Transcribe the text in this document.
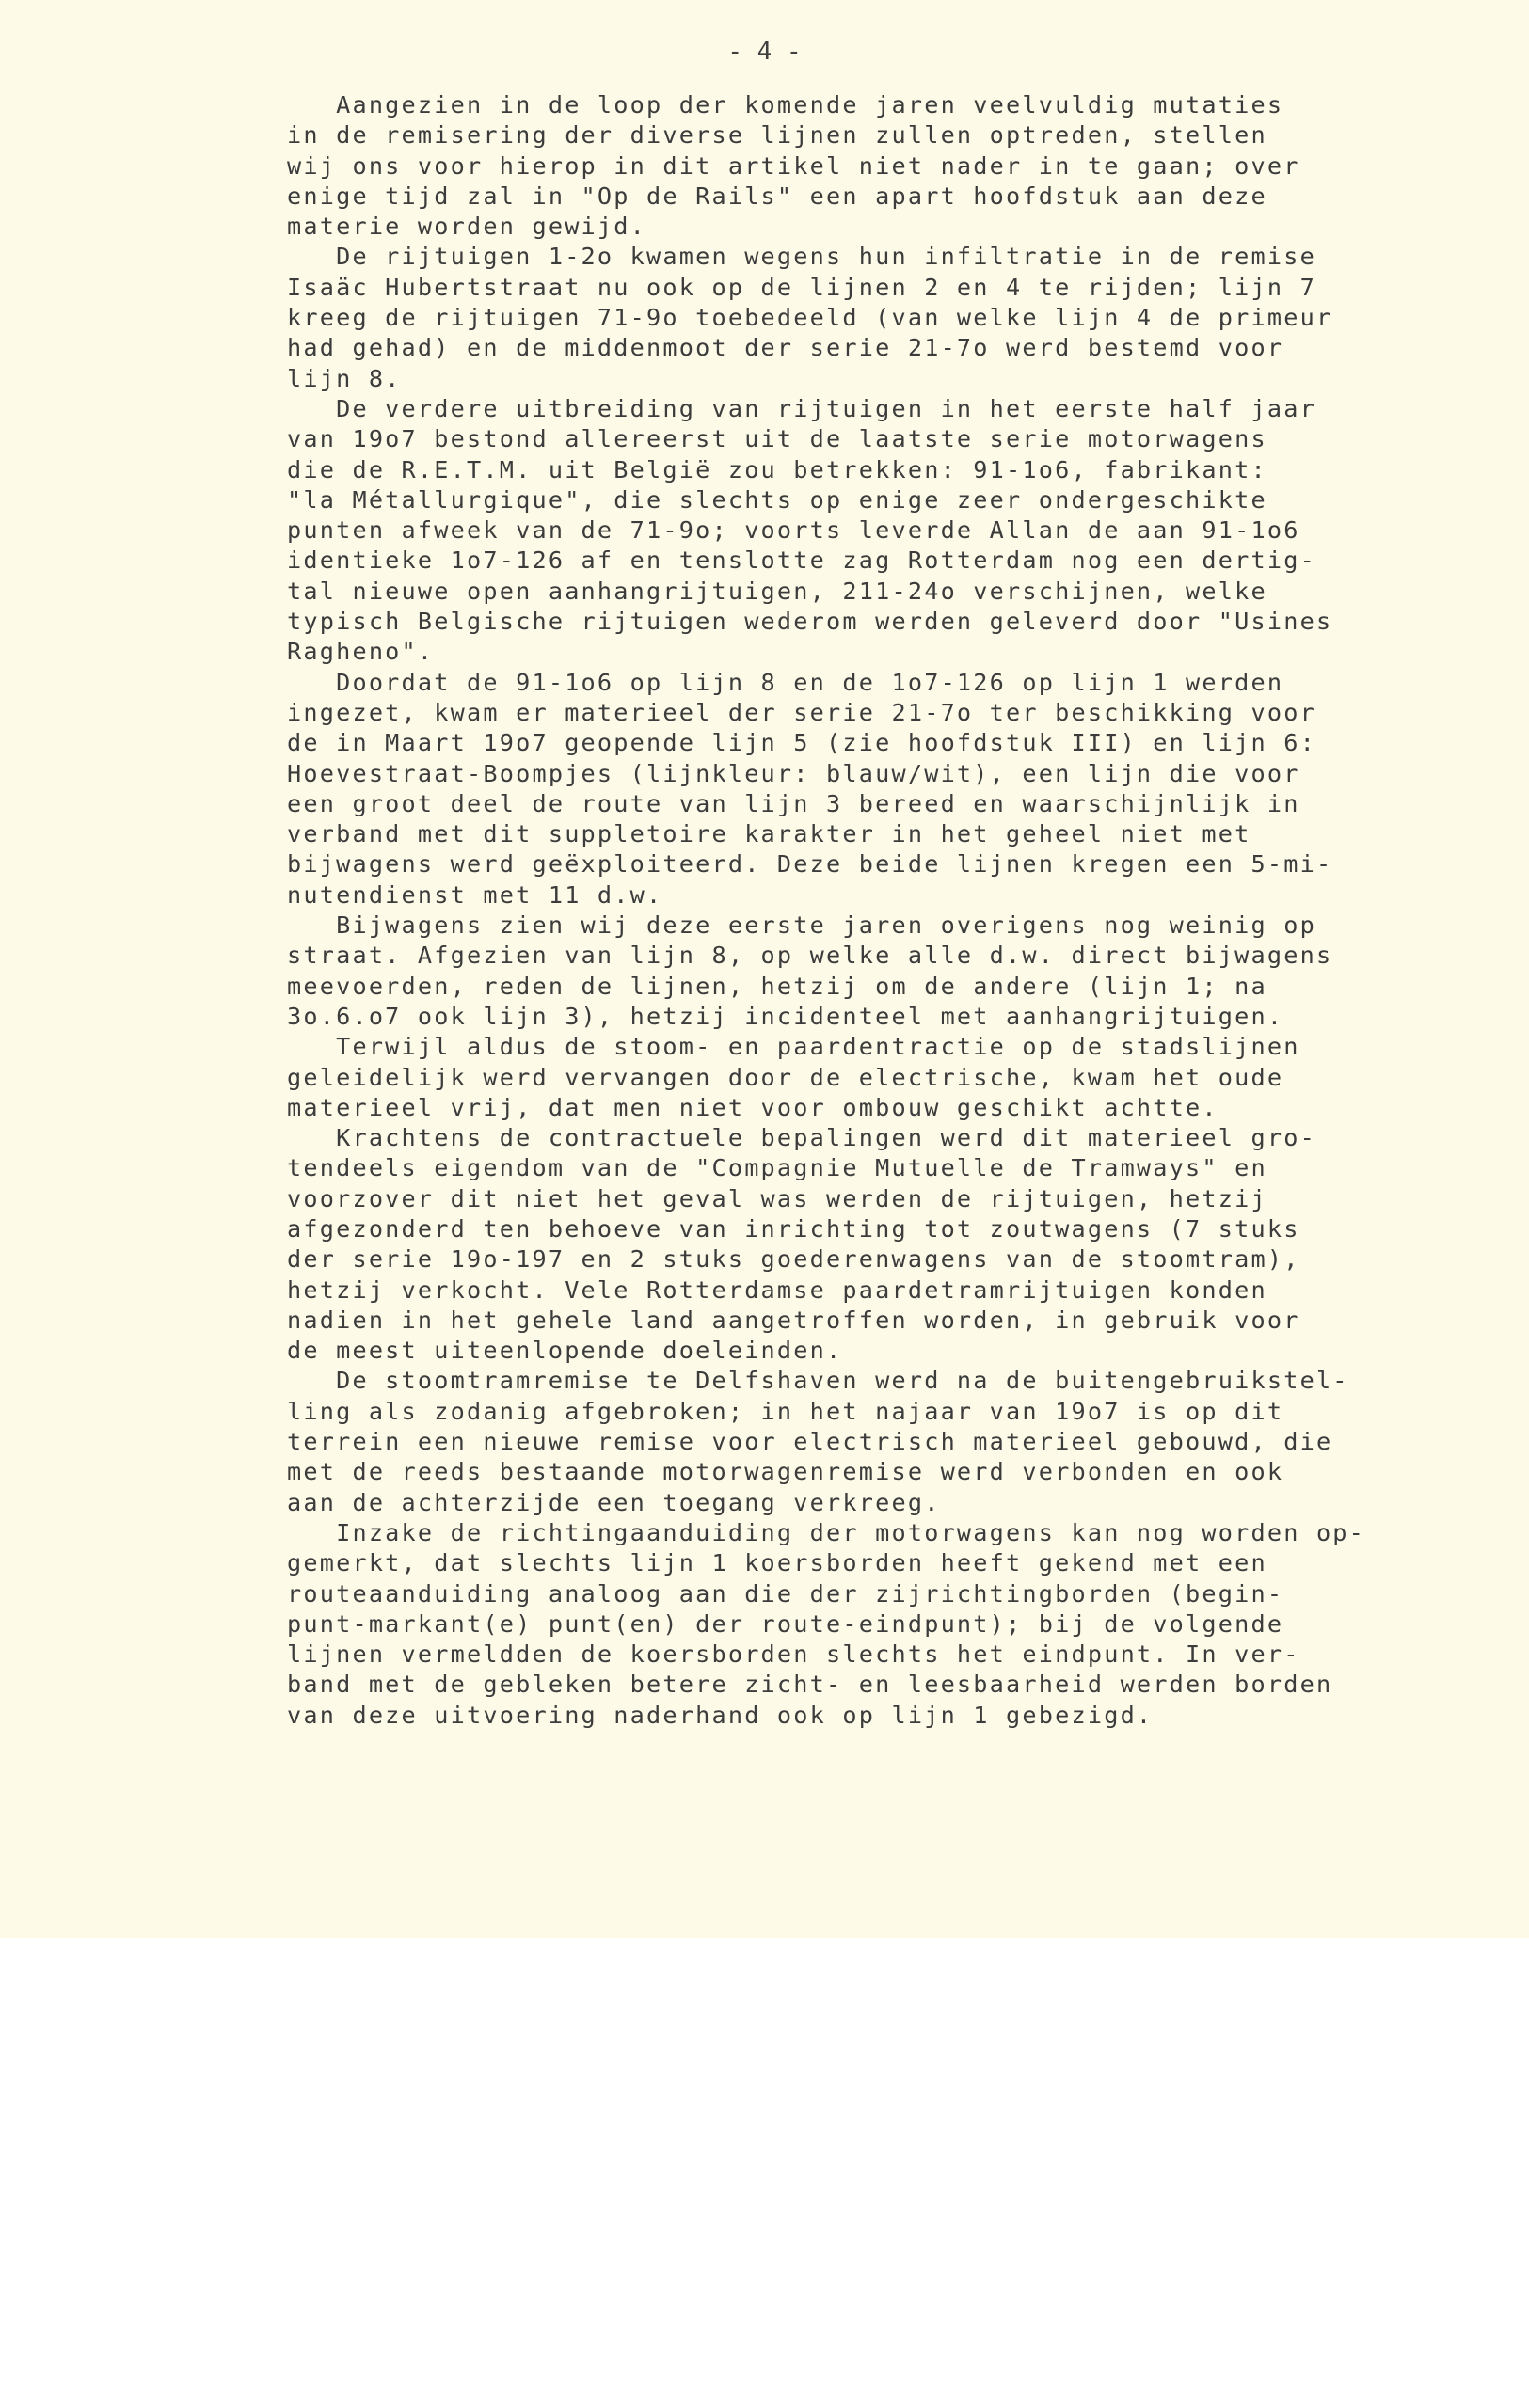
- 4 -
Aangezien in de loop der komende jaren veelvuldig mutaties
in de remisering der diverse lijnen zullen optreden, stellen
wij ons voor hierop in dit artikel niet nader in te gaan; over
enige tijd zal in "Op de Rails" een apart hoofdstuk aan deze
materie worden gewijd.
De rijtuigen 1-2o kwamen wegens hun infiltratie in de remise
Isaäc Hubertstraat nu ook op de lijnen 2 en 4 te rijden; lijn 7
kreeg de rijtuigen 71-9o toebedeeld (van welke lijn 4 de primeur
had gehad) en de middenmoot der serie 21-7o werd bestemd voor
lijn 8.
De verdere uitbreiding van rijtuigen in het eerste half jaar
van 19o7 bestond allereerst uit de laatste serie motorwagens
die de R.E.T.M. uit België zou betrekken: 91-1o6, fabrikant:
"la Métallurgique", die slechts op enige zeer ondergeschikte
punten afweek van de 71-9o; voorts leverde Allan de aan 91-1o6
identieke 1o7-126 af en tenslotte zag Rotterdam nog een dertig-
tal nieuwe open aanhangrijtuigen, 211-24o verschijnen, welke
typisch Belgische rijtuigen wederom werden geleverd door "Usines
Ragheno".
Doordat de 91-1o6 op lijn 8 en de 1o7-126 op lijn 1 werden
ingezet, kwam er materieel der serie 21-7o ter beschikking voor
de in Maart 19o7 geopende lijn 5 (zie hoofdstuk III) en lijn 6:
Hoevestraat-Boompjes (lijnkleur: blauw/wit), een lijn die voor
een groot deel de route van lijn 3 bereed en waarschijnlijk in
verband met dit suppletoire karakter in het geheel niet met
bijwagens werd geëxploiteerd. Deze beide lijnen kregen een 5-mi-
nutendienst met 11 d.w.
Bijwagens zien wij deze eerste jaren overigens nog weinig op
straat. Afgezien van lijn 8, op welke alle d.w. direct bijwagens
meevoerden, reden de lijnen, hetzij om de andere (lijn 1; na
3o.6.o7 ook lijn 3), hetzij incidenteel met aanhangrijtuigen.
Terwijl aldus de stoom- en paardentractie op de stadslijnen
geleidelijk werd vervangen door de electrische, kwam het oude
materieel vrij, dat men niet voor ombouw geschikt achtte.
Krachtens de contractuele bepalingen werd dit materieel gro-
tendeels eigendom van de "Compagnie Mutuelle de Tramways" en
voorzover dit niet het geval was werden de rijtuigen, hetzij
afgezonderd ten behoeve van inrichting tot zoutwagens (7 stuks
der serie 19o-197 en 2 stuks goederenwagens van de stoomtram),
hetzij verkocht. Vele Rotterdamse paardetramrijtuigen konden
nadien in het gehele land aangetroffen worden, in gebruik voor
de meest uiteenlopende doeleinden.
De stoomtramremise te Delfshaven werd na de buitengebruikstel-
ling als zodanig afgebroken; in het najaar van 19o7 is op dit
terrein een nieuwe remise voor electrisch materieel gebouwd, die
met de reeds bestaande motorwagenremise werd verbonden en ook
aan de achterzijde een toegang verkreeg.
Inzake de richtingaanduiding der motorwagens kan nog worden op-
gemerkt, dat slechts lijn 1 koersborden heeft gekend met een
routeaanduiding analoog aan die der zijrichtingborden (begin-
punt-markant(e) punt(en) der route-eindpunt); bij de volgende
lijnen vermeldden de koersborden slechts het eindpunt. In ver-
band met de gebleken betere zicht- en leesbaarheid werden borden
van deze uitvoering naderhand ook op lijn 1 gebezigd.
